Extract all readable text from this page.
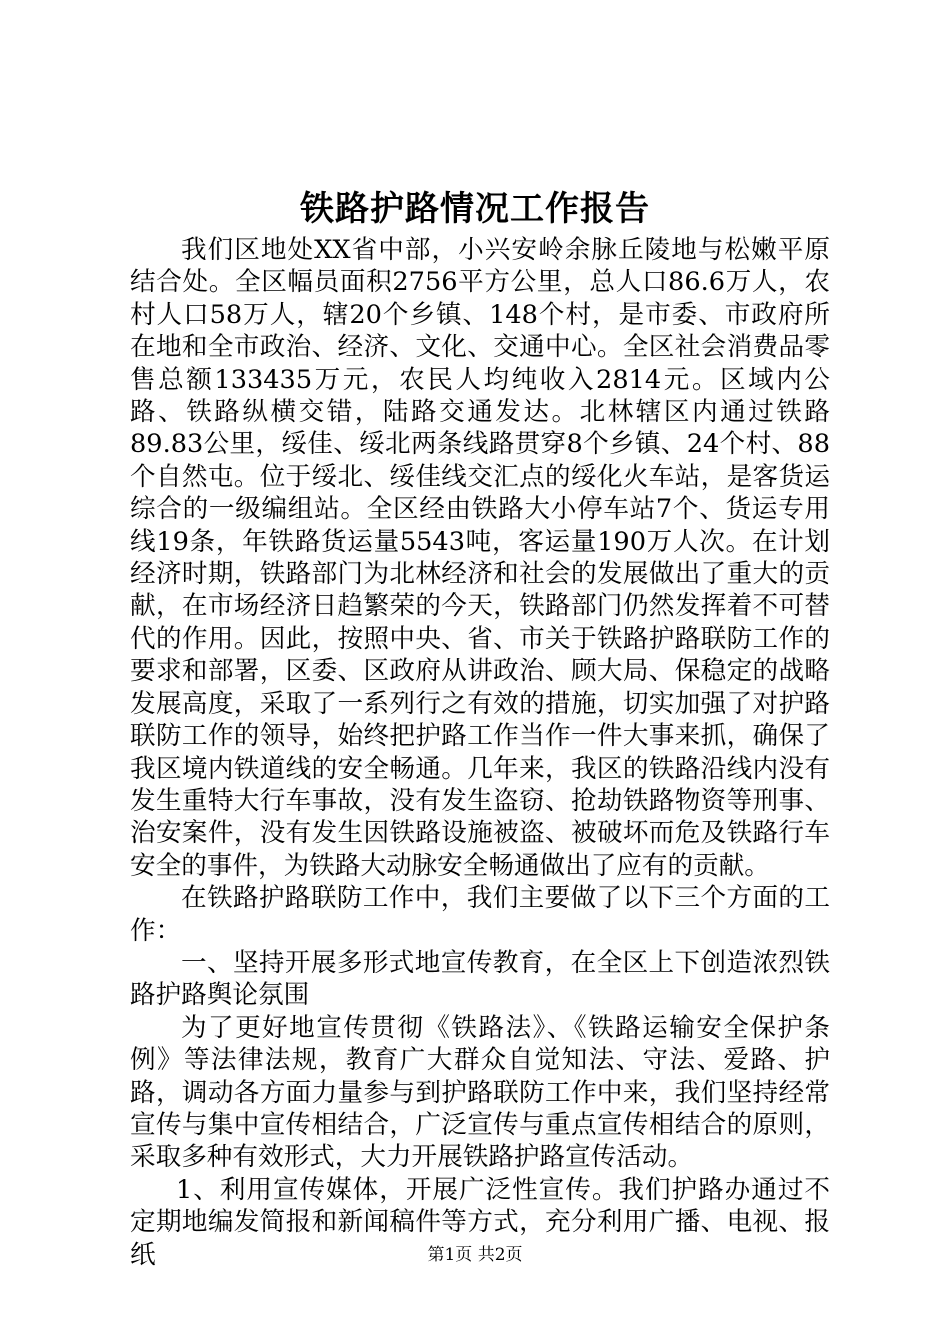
铁路护路情况工作报告

我们区地处XX省中部，小兴安岭余脉丘陵地与松嫩平原结合处。全区幅员面积2756平方公里，总人口86.6万人，农村人口58万人，辖20个乡镇、148个村，是市委、市政府所在地和全市政治、经济、文化、交通中心。全区社会消费品零售总额133435万元，农民人均纯收入2814元。区域内公路、铁路纵横交错，陆路交通发达。北林辖区内通过铁路89.83公里，绥佳、绥北两条线路贯穿8个乡镇、24个村、88个自然屯。位于绥北、绥佳线交汇点的绥化火车站，是客货运综合的一级编组站。全区经由铁路大小停车站7个、货运专用线19条，年铁路货运量5543吨，客运量190万人次。在计划经济时期，铁路部门为北林经济和社会的发展做出了重大的贡献，在市场经济日趋繁荣的今天，铁路部门仍然发挥着不可替代的作用。因此，按照中央、省、市关于铁路护路联防工作的要求和部署，区委、区政府从讲政治、顾大局、保稳定的战略发展高度，采取了一系列行之有效的措施，切实加强了对护路联防工作的领导，始终把护路工作当作一件大事来抓，确保了我区境内铁道线的安全畅通。几年来，我区的铁路沿线内没有发生重特大行车事故，没有发生盗窃、抢劫铁路物资等刑事、治安案件，没有发生因铁路设施被盗、被破坏而危及铁路行车安全的事件，为铁路大动脉安全畅通做出了应有的贡献。

在铁路护路联防工作中，我们主要做了以下三个方面的工作：

一、坚持开展多形式地宣传教育，在全区上下创造浓烈铁路护路舆论氛围

为了更好地宣传贯彻《铁路法》、《铁路运输安全保护条例》等法律法规，教育广大群众自觉知法、守法、爱路、护路，调动各方面力量参与到护路联防工作中来，我们坚持经常宣传与集中宣传相结合，广泛宣传与重点宣传相结合的原则，采取多种有效形式，大力开展铁路护路宣传活动。

1、利用宣传媒体，开展广泛性宣传。我们护路办通过不定期地编发简报和新闻稿件等方式，充分利用广播、电视、报纸	第1页 共2页
